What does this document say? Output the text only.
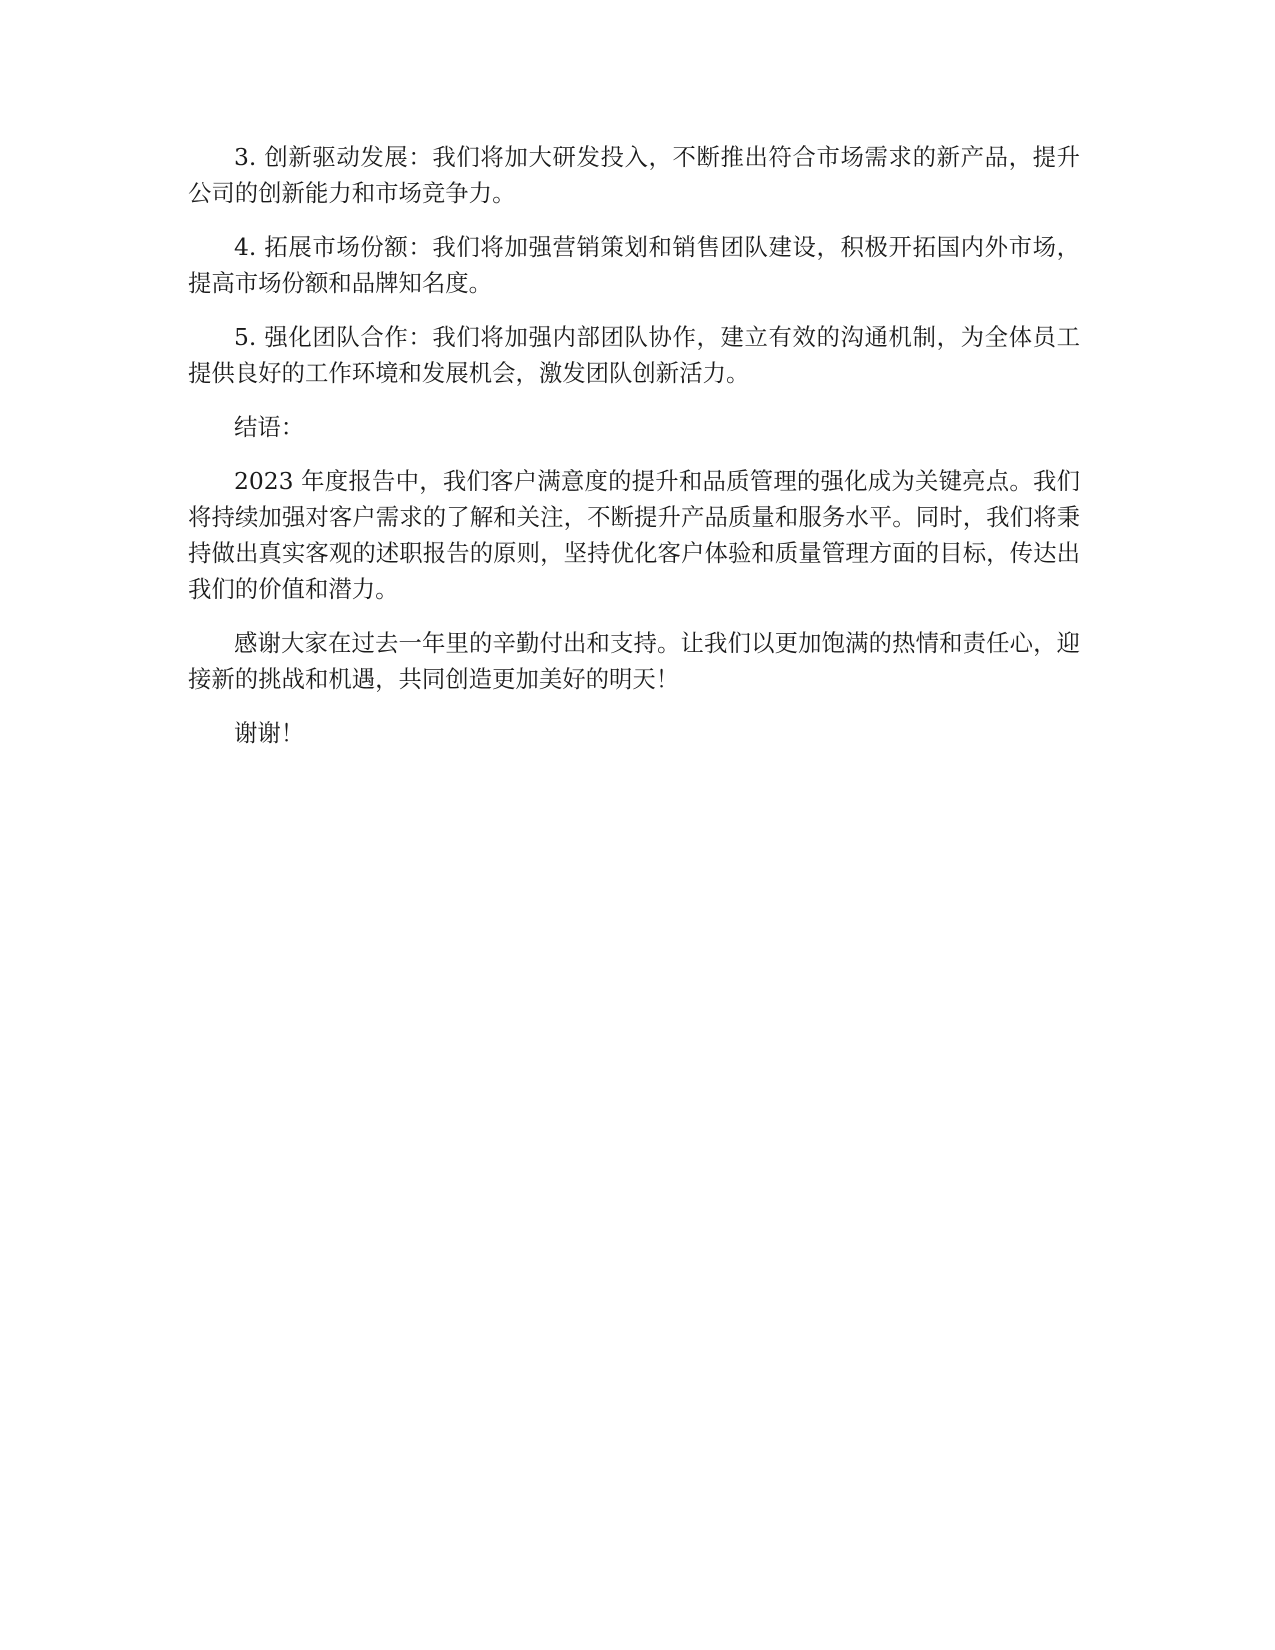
3. 创新驱动发展：我们将加大研发投入，不断推出符合市场需求的新产品，提升公司的创新能力和市场竞争力。

4. 拓展市场份额：我们将加强营销策划和销售团队建设，积极开拓国内外市场，提高市场份额和品牌知名度。

5. 强化团队合作：我们将加强内部团队协作，建立有效的沟通机制，为全体员工提供良好的工作环境和发展机会，激发团队创新活力。

结语：

2023 年度报告中，我们客户满意度的提升和品质管理的强化成为关键亮点。我们将持续加强对客户需求的了解和关注，不断提升产品质量和服务水平。同时，我们将秉持做出真实客观的述职报告的原则，坚持优化客户体验和质量管理方面的目标，传达出我们的价值和潜力。

感谢大家在过去一年里的辛勤付出和支持。让我们以更加饱满的热情和责任心，迎接新的挑战和机遇，共同创造更加美好的明天！

谢谢！
